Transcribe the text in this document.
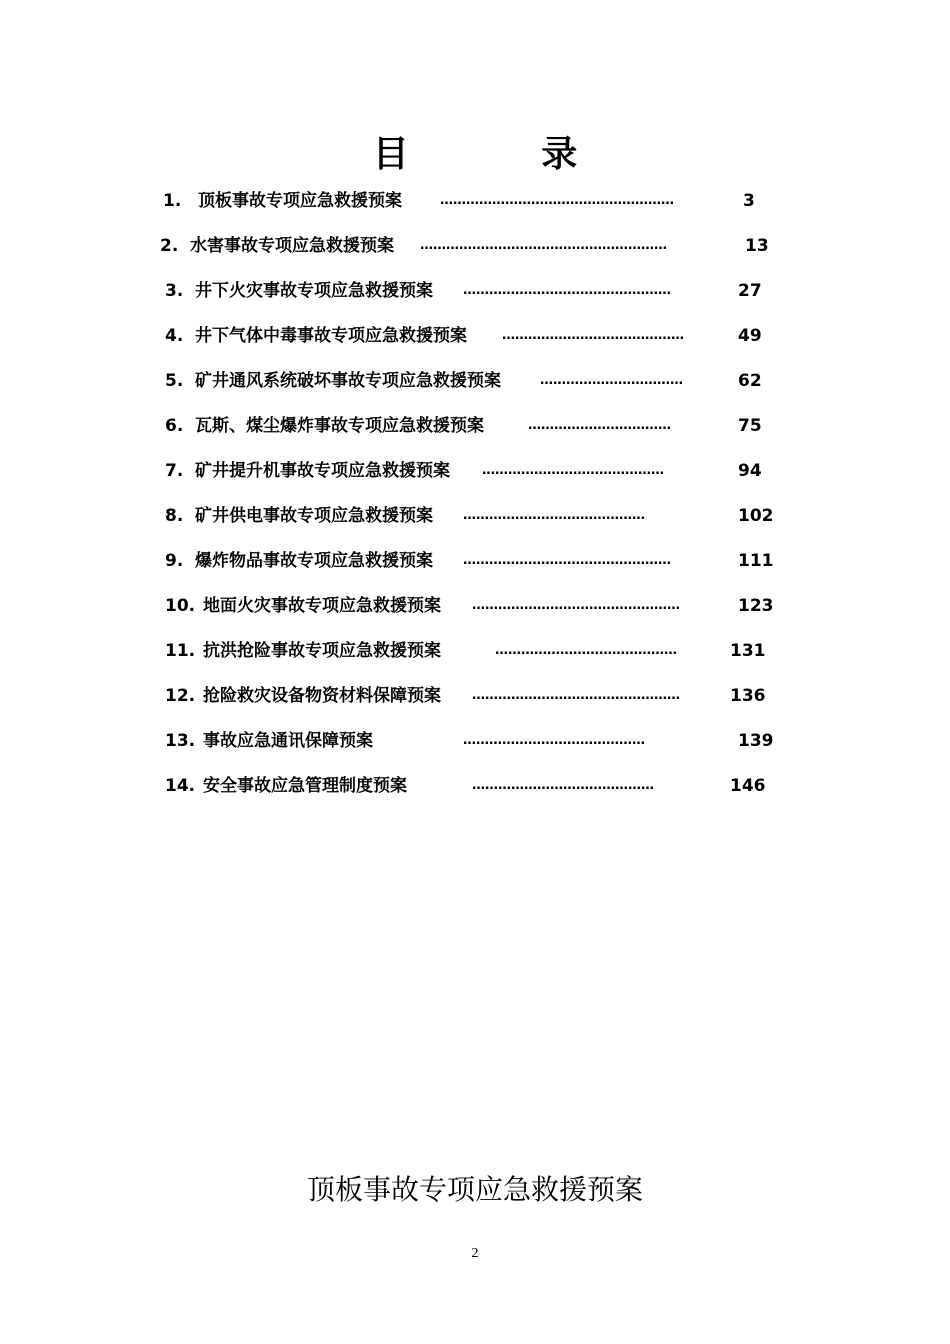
目 录
1. 顶板事故专项应急救援预案	………………………………………………	3
2. 水害事故专项应急救援预案 …………………………………………………	13
3. 井下火灾事故专项应急救援预案 …………………………………………	27
4. 井下气体中毒事故专项应急救援预案	……………………………………	49
5. 矿井通风系统破坏事故专项应急救援预案	……………………………	62
6. 瓦斯、煤尘爆炸事故专项应急救援预案	……………………………	75
7. 矿井提升机事故专项应急救援预案 ……………………………………	94
8. 矿井供电事故专项应急救援预案 ……………………………………	102
9. 爆炸物品事故专项应急救援预案 …………………………………………	111
10. 地面火灾事故专项应急救援预案 …………………………………………	123
11. 抗洪抢险事故专项应急救援预案	……………………………………	131
12. 抢险救灾设备物资材料保障预案 …………………………………………	136
13. 事故应急通讯保障预案	……………………………………	139
14. 安全事故应急管理制度预案	……………………………………	146
顶板事故专项应急救援预案
2
